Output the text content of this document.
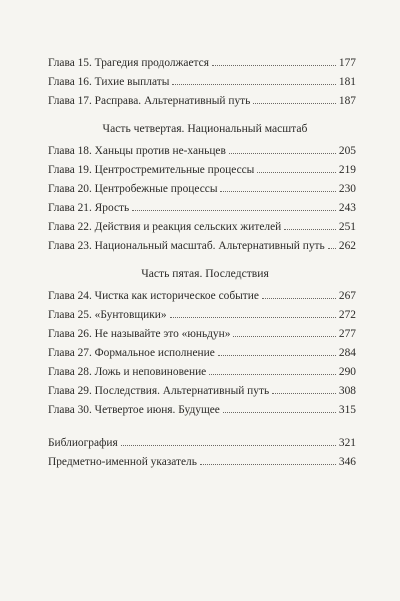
Глава 15. Трагедия продолжается	177
Глава 16. Тихие выплаты	181
Глава 17. Расправа. Альтернативный путь	187
Часть четвертая. Национальный масштаб
Глава 18. Ханьцы против не-ханьцев	205
Глава 19. Центростремительные процессы	219
Глава 20. Центробежные процессы	230
Глава 21. Ярость	243
Глава 22. Действия и реакция сельских жителей	251
Глава 23. Национальный масштаб. Альтернативный путь 262
Часть пятая. Последствия
Глава 24. Чистка как историческое событие	267
Глава 25. «Бунтовщики»	272
Глава 26. Не называйте это «юньдун»	277
Глава 27. Формальное исполнение	284
Глава 28. Ложь и неповиновение	290
Глава 29. Последствия. Альтернативный путь	308
Глава 30. Четвертое июня. Будущее	315
Библиография	321
Предметно-именной указатель	346
